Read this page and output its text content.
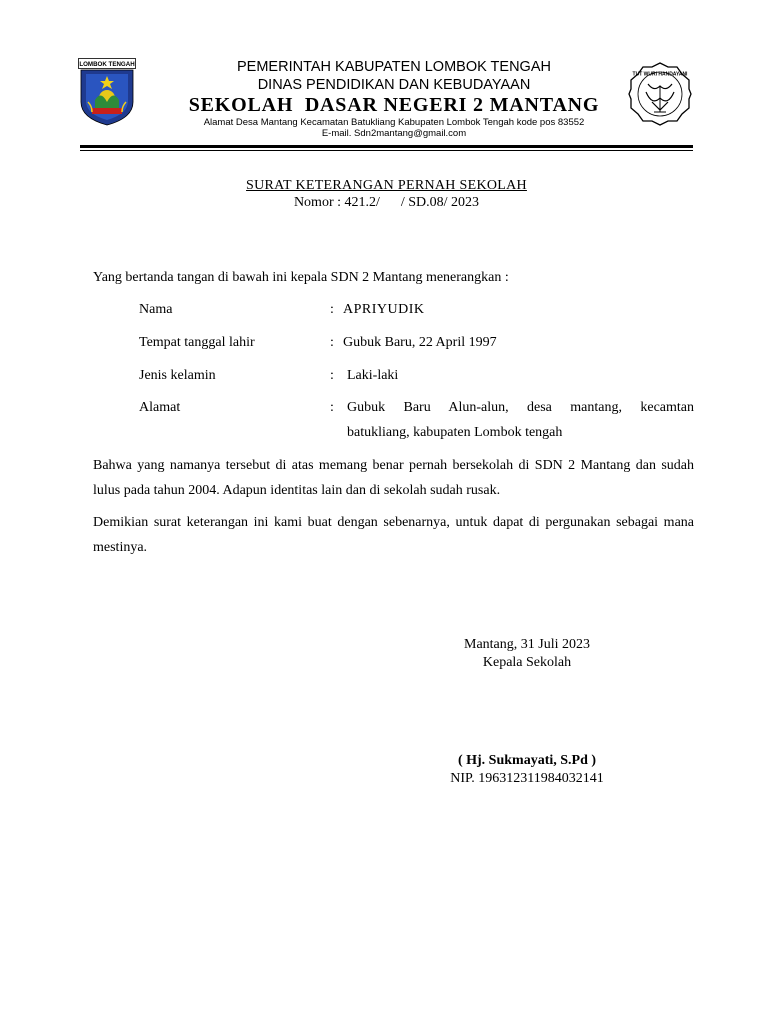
LOMBOK TENGAH
TUT WURI HANDAYANI
PEMERINTAH KABUPATEN LOMBOK TENGAH
DINAS PENDIDIKAN DAN KEBUDAYAAN
SEKOLAH  DASAR NEGERI 2 MANTANG
Alamat Desa Mantang Kecamatan Batukliang Kabupaten Lombok Tengah kode pos 83552
E-mail. Sdn2mantang@gmail.com
SURAT KETERANGAN PERNAH SEKOLAH
Nomor : 421.2/      / SD.08/ 2023
Yang bertanda tangan di bawah ini kepala SDN 2 Mantang menerangkan :
Nama	: APRIYUDIK
Tempat tanggal lahir	: Gubuk Baru, 22 April 1997
Jenis kelamin	: Laki-laki
Alamat	: Gubuk Baru Alun-alun, desa mantang, kecamtan
batukliang, kabupaten Lombok tengah
Bahwa yang namanya tersebut di atas memang benar pernah bersekolah di SDN 2 Mantang dan sudah lulus pada tahun 2004. Adapun identitas lain dan di sekolah sudah rusak.
Demikian surat keterangan ini kami buat dengan sebenarnya, untuk dapat di pergunakan sebagai mana mestinya.
Mantang, 31 Juli 2023
Kepala Sekolah
( Hj. Sukmayati, S.Pd )
NIP. 196312311984032141
